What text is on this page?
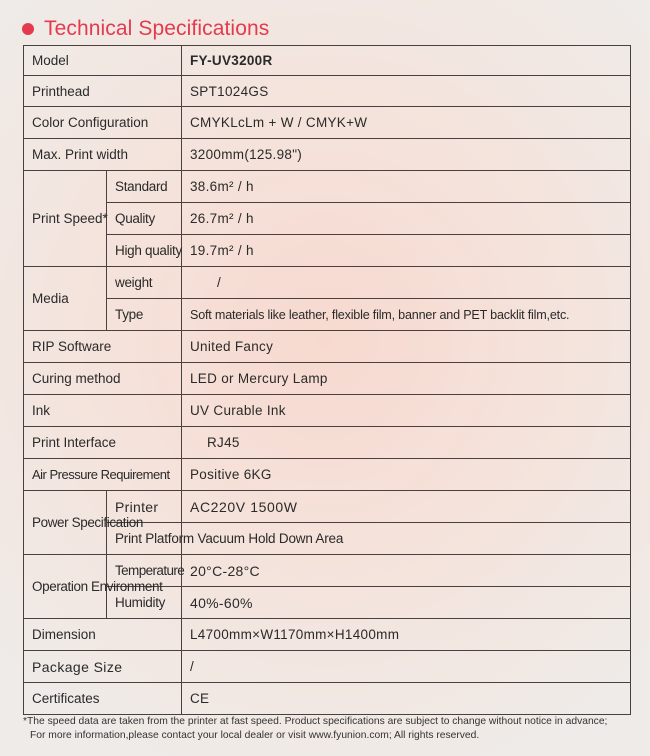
Technical Specifications
Model		FY-UV3200R
Printhead		SPT1024GS
Color Configuration		CMYKLcLm + W / CMYK+W
Max. Print width		3200mm(125.98")
Print Speed*	Standard	38.6m² / h
	Quality	26.7m² / h
	High quality	19.7m² / h
Media	weight	/
	Type	Soft materials like leather, flexible film, banner and PET backlit film,etc.
RIP Software		United Fancy
Curing method		LED or Mercury Lamp
Ink		UV Curable Ink
Print Interface		RJ45
Air Pressure Requirement		Positive 6KG
Power Specification	Printer	AC220V 1500W
	Print Platform Vacuum Hold Down Area	
Operation Environment	Temperature	20°C-28°C
	Humidity	40%-60%
Dimension		L4700mm×W1170mm×H1400mm
Package Size		/
Certificates		CE
*The speed data are taken from the printer at fast speed. Product specifications are subject to change without notice in advance;
For more information,please contact your local dealer or visit www.fyunion.com; All rights reserved.
